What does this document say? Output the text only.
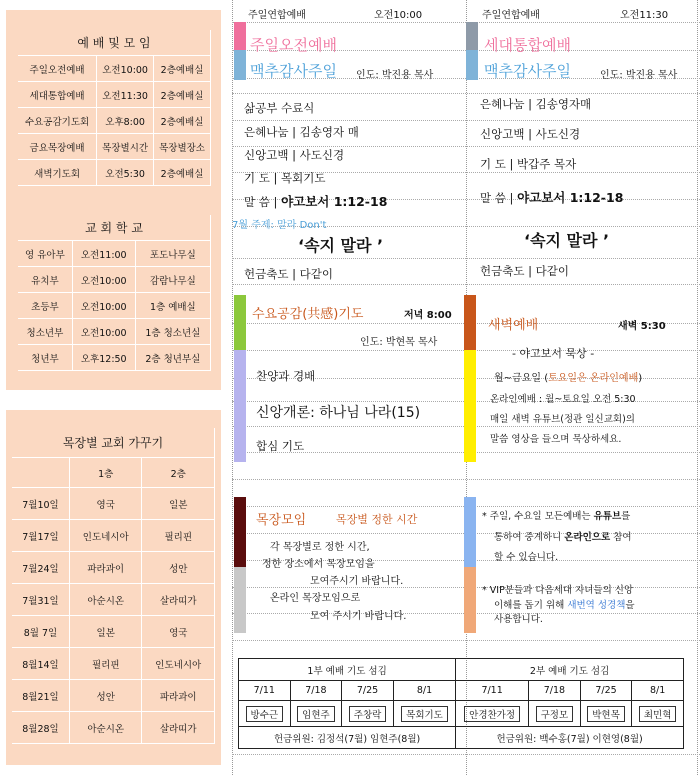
예 배 및 모 임
주일오전예배	오전10:00	2층예배실
세대통합예배	오전11:30	2층예배실
수요공감기도회	오후8:00	2층예배실
금요목장예배	목장별시간	목장별장소
새벽기도회	오전5:30	2층예배실
교 회 학 교
영 유아부	오전11:00	포도나무실
유치부	오전10:00	감람나무실
초등부	오전10:00	1층 예배실
청소년부	오전10:00	1층 청소년실
청년부	오후12:50	2층 청년부실
목장별 교회 가꾸기
	1층	2층
7월10일	영국	일본
7월17일	인도네시아	필리핀
7월24일	파라과이	성안
7월31일	아순시온	살라띠가
8월 7일	일본	영국
8월14일	필리핀	인도네시아
8월21일	성안	파라과이
8월28일	아순시온	살라띠가
주일연합예배	오전10:00
주일오전예배
맥추감사주일 인도: 박진용 목사
삶공부 수료식
은혜나눔 | 김송영자 매
신앙고백 | 사도신경
기 도 | 목회기도
말 씀 | 야고보서 1:12-18
7월 주제: 말라 Don't
‘속지 말라 ’
헌금축도 | 다같이
수요공감(共感)기도	저녁 8:00
인도: 박현목 목사
찬양과 경배
신앙개론: 하나님 나라(15)
합심 기도
목장모임	목장별 정한 시간
각 목장별로 정한 시간,
정한 장소에서 목장모임을
모여주시기 바랍니다.
온라인 목장모임으로
모여 주시기 바랍니다.
주일연합예배	오전11:30
세대통합예배
맥추감사주일	인도: 박진용 목사
은혜나눔 | 김송영자매
신앙고백 | 사도신경
기 도 | 박갑주 목자
말 씀 | 야고보서 1:12-18
‘속지 말라 ’
헌금축도 | 다같이
새벽예배	새벽 5:30
- 야고보서 묵상 -
월~금요일 (토요일은 온라인예배)
온라인예배 : 월~토요일 오전 5:30
매일 새벽 유튜브(정관 일신교회)의
말씀 영상을 들으며 묵상하세요.
* 주일, 수요일 모든예배는 유튜브를
통하여 중계하니 온라인으로 참여
할 수 있습니다.
* VIP분들과 다음세대 자녀들의 신앙
이해를 돕기 위해 새번역 성경책을
사용합니다.
1부 예배 기도 섬김				2부 예배 기도 섬김			
7/11	7/18	7/25	8/1	7/11	7/18	7/25	8/1
방수근	임현주	주창락	목회기도	안경찬가정	구정모	박현목	최민혁
헌금위원: 김정석(7월) 임현주(8월)				헌금위원: 백수홍(7월) 이현영(8월)			
